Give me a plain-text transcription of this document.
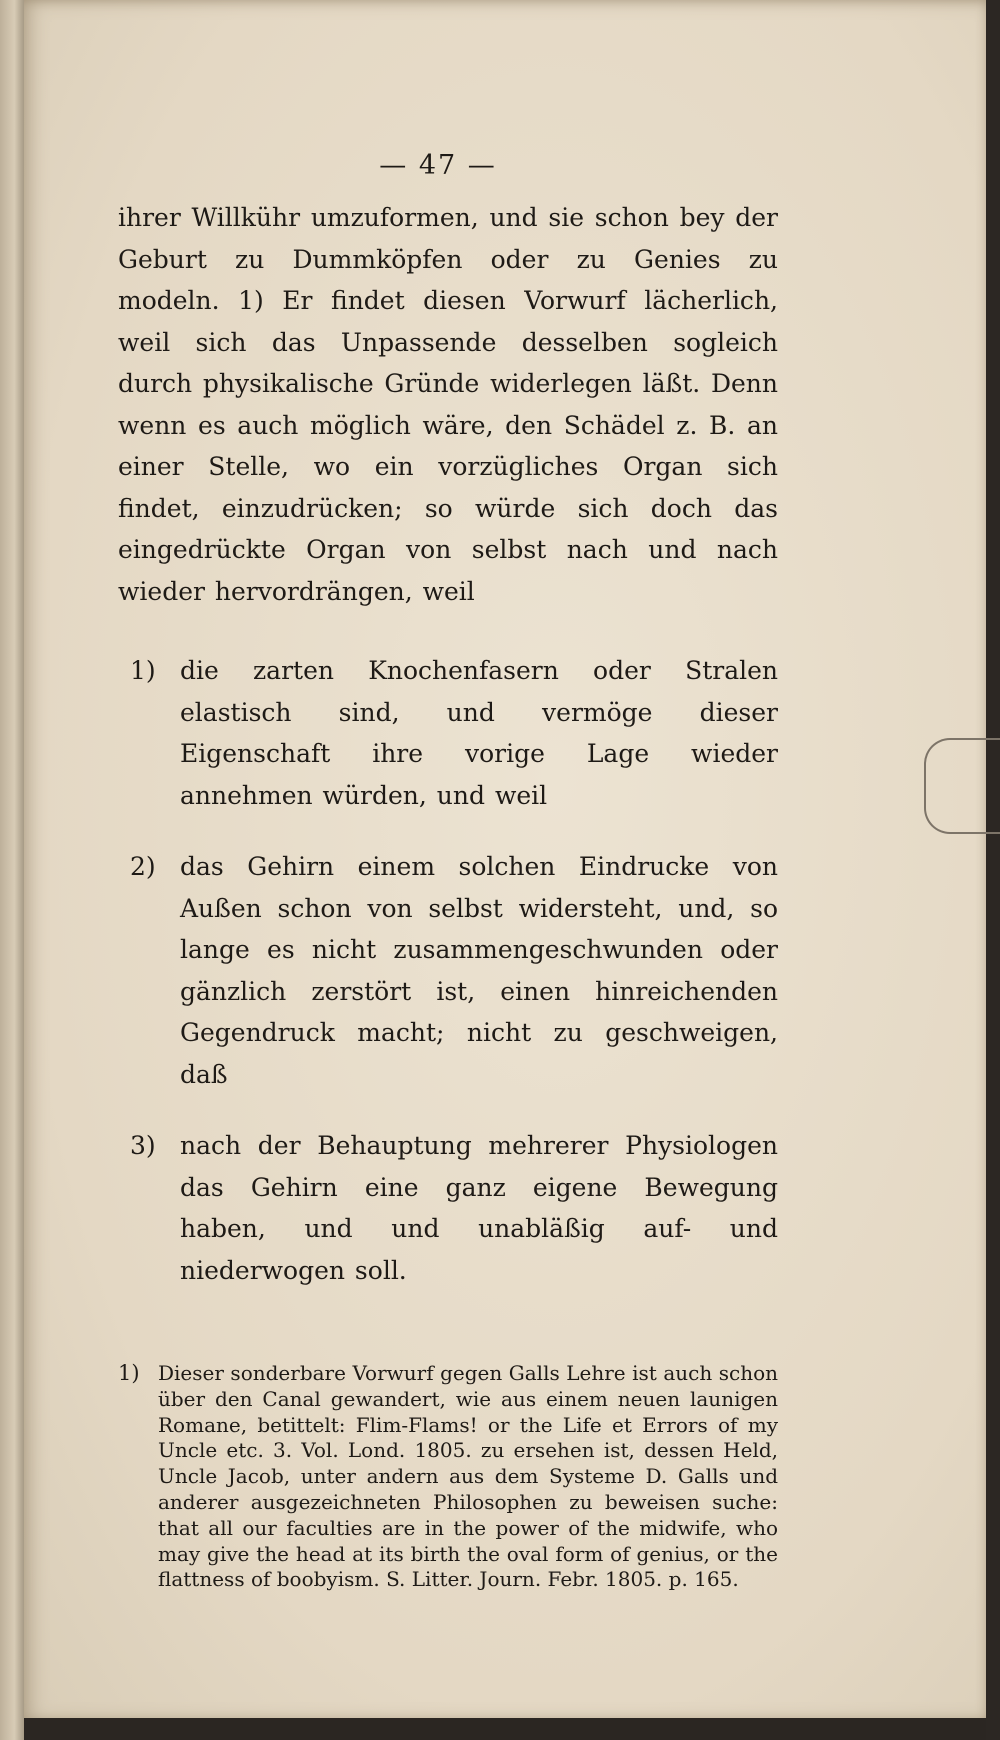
— 47 —

ihrer Willkühr umzuformen, und sie schon bey der Geburt zu Dummköpfen oder zu Genies zu modeln. 1) Er findet diesen Vorwurf lächerlich, weil sich das Unpassende desselben sogleich durch physikalische Gründe widerlegen läßt. Denn wenn es auch möglich wäre, den Schädel z. B. an einer Stelle, wo ein vorzügliches Organ sich findet, einzudrücken; so würde sich doch das eingedrückte Organ von selbst nach und nach wieder hervordrängen, weil

1) die zarten Knochenfasern oder Stralen elastisch sind, und vermöge dieser Eigenschaft ihre vorige Lage wieder annehmen würden, und weil
2) das Gehirn einem solchen Eindrucke von Außen schon von selbst widersteht, und, so lange es nicht zusammengeschwunden oder gänzlich zerstört ist, einen hinreichenden Gegendruck macht; nicht zu geschweigen, daß
3) nach der Behauptung mehrerer Physiologen das Gehirn eine ganz eigene Bewegung haben, und und unabläßig auf- und niederwogen soll.
1) Dieser sonderbare Vorwurf gegen Galls Lehre ist auch schon über den Canal gewandert, wie aus einem neuen launigen Romane, betittelt: Flim-Flams! or the Life et Errors of my Uncle etc. 3. Vol. Lond. 1805. zu ersehen ist, dessen Held, Uncle Jacob, unter andern aus dem Systeme D. Galls und anderer ausgezeichneten Philosophen zu beweisen suche: that all our faculties are in the power of the midwife, who may give the head at its birth the oval form of genius, or the flattness of boobyism. S. Litter. Journ. Febr. 1805. p. 165.
